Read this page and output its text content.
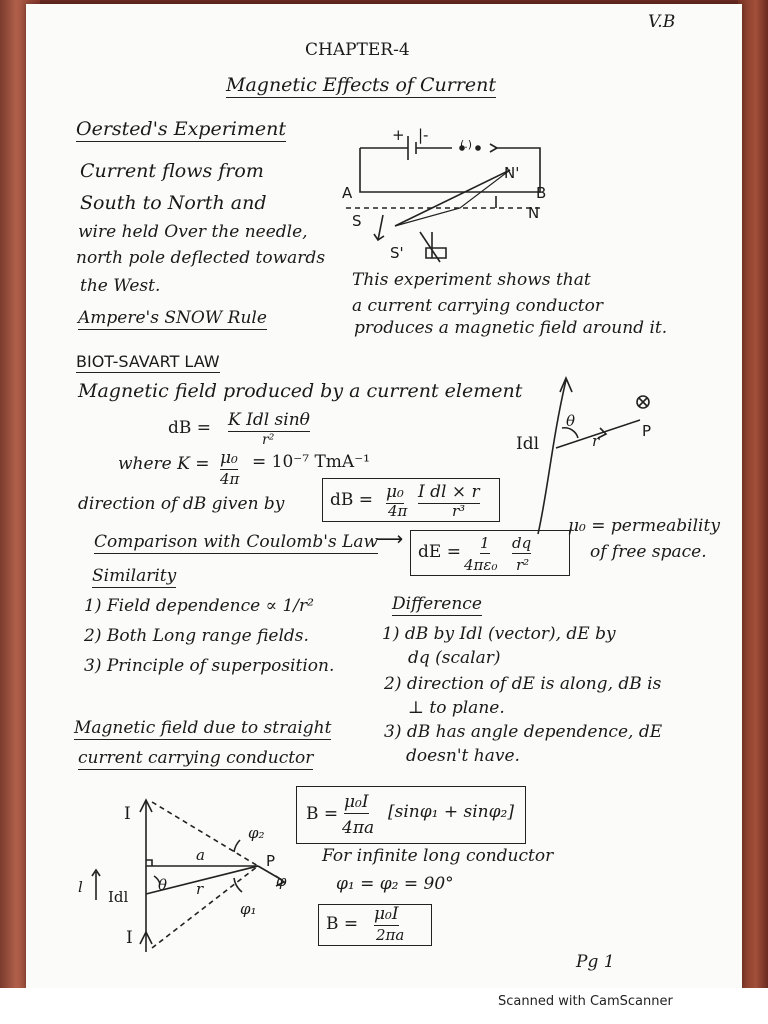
V.B
CHAPTER-4
Magnetic Effects of Current
Oersted's Experiment
Current flows from
South to North and
wire held Over the needle,
north pole deflected towards
the West.
Ampere's SNOW Rule
+ |-
(.)
A	B
N'
N
S
S'
This experiment shows that
a current carrying conductor
produces a magnetic field around it.
BIOT-SAVART LAW
Magnetic field produced by a current element
dB = K Idl sinθ
r²
where K = μ₀
4π
= 10⁻⁷ TmA⁻¹
direction of dB given by	dB = μ₀
4π
I dl × r
r³
Idl
θ
r
P
μ₀ = permeability
of free space.
Comparison with Coulomb's Law
⟶
dE = 1
4πε₀
dq
r²
Similarity
1) Field dependence ∝ 1/r²
2) Both Long range fields.
3) Principle of superposition.
Difference
1) dB by Idl (vector), dE by
dq (scalar)
2) direction of dE is along, dB is
⊥ to plane.
3) dB has angle dependence, dE
doesn't have.
Magnetic field due to straight
current carrying conductor
B =
μ₀I
4πa
[sinφ₁ + sinφ₂]
For infinite long conductor
φ₁ = φ₂ = 90°
B = μ₀I
2πa
I
I
a	P
φ
φ₂
φ₁
θ r
l
Idl
Pg 1
Scanned with CamScanner
